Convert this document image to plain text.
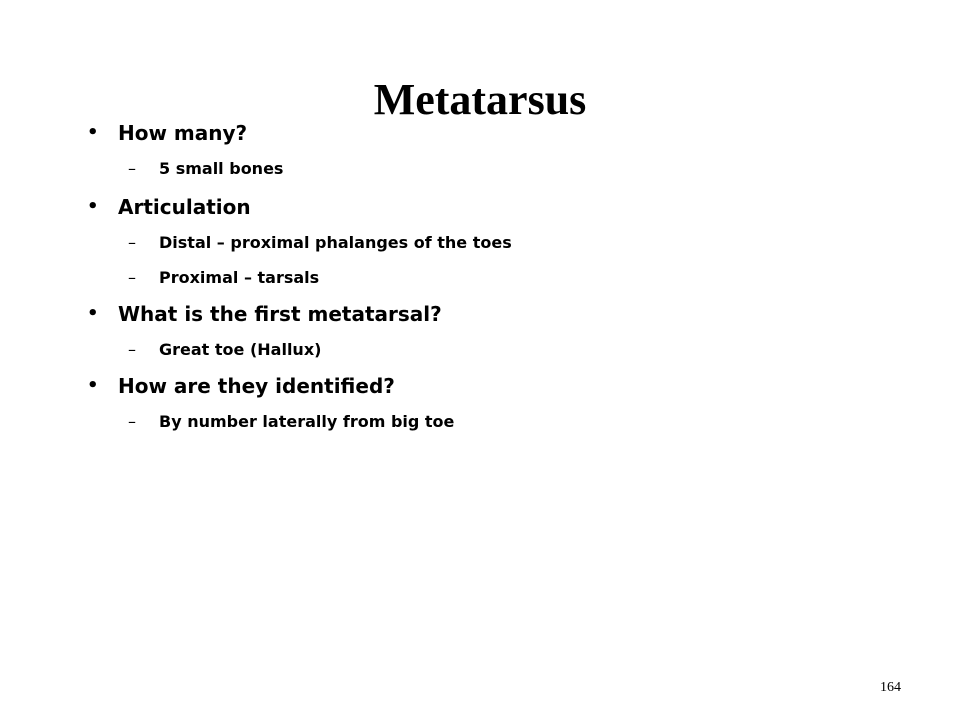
Metatarsus
• How many?
– 5 small bones
• Articulation
– Distal – proximal phalanges of the toes
– Proximal – tarsals
• What is the first metatarsal?
– Great toe (Hallux)
• How are they identified?
– By number laterally from big toe
164
